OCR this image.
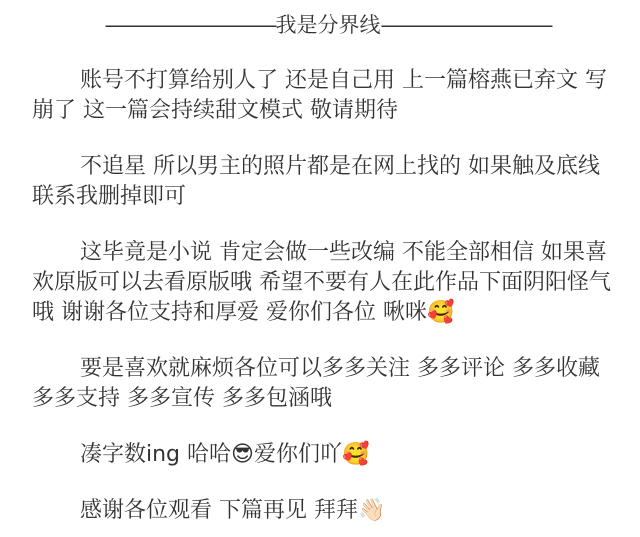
—————————我是分界线—————————

账号不打算给别人了 还是自己用 上一篇榕燕已弃文 写崩了 这一篇会持续甜文模式 敬请期待

不追星 所以男主的照片都是在网上找的 如果触及底线 联系我删掉即可

这毕竟是小说 肯定会做一些改编 不能全部相信 如果喜欢原版可以去看原版哦 希望不要有人在此作品下面阴阳怪气哦 谢谢各位支持和厚爱 爱你们各位 啾咪🥰

要是喜欢就麻烦各位可以多多关注 多多评论 多多收藏 多多支持 多多宣传 多多包涵哦

凑字数ing 哈哈😎爱你们吖🥰

感谢各位观看 下篇再见 拜拜👋🏻
